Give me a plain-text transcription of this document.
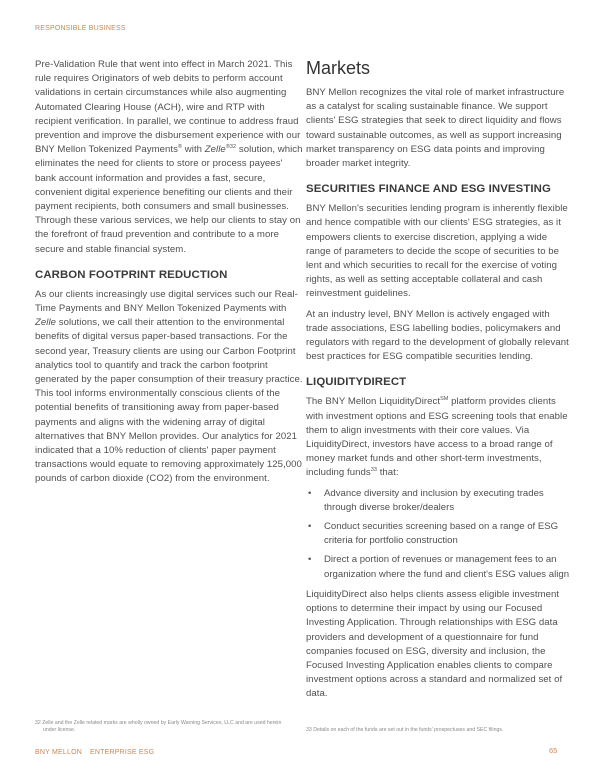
RESPONSIBLE BUSINESS

Pre-Validation Rule that went into effect in March 2021. This rule requires Originators of web debits to perform account validations in certain circumstances while also augmenting Automated Clearing House (ACH), wire and RTP with recipient verification. In parallel, we continue to address fraud prevention and improve the disbursement experience with our BNY Mellon Tokenized Payments® with Zelle$^{®32}$ solution, which eliminates the need for clients to store or process payees' bank account information and provides a fast, secure, convenient digital experience benefiting our clients and their payment recipients, both consumers and small businesses. Through these various services, we help our clients to stay on the forefront of fraud prevention and contribute to a more secure and stable financial system.

CARBON FOOTPRINT REDUCTION

As our clients increasingly use digital services such our Real-Time Payments and BNY Mellon Tokenized Payments with Zelle solutions, we call their attention to the environmental benefits of digital versus paper-based transactions. For the second year, Treasury clients are using our Carbon Footprint analytics tool to quantify and track the carbon footprint generated by the paper consumption of their treasury practice. This tool informs environmentally conscious clients of the potential benefits of transitioning away from paper-based payments and aligns with the widening array of digital alternatives that BNY Mellon provides. Our analytics for 2021 indicated that a 10% reduction of clients' paper payment transactions would equate to removing approximately 125,000 pounds of carbon dioxide (CO2) from the environment.

Markets

BNY Mellon recognizes the vital role of market infrastructure as a catalyst for scaling sustainable finance. We support clients' ESG strategies that seek to direct liquidity and flows toward sustainable outcomes, as well as support increasing market transparency on ESG data points and improving broader market integrity.

SECURITIES FINANCE AND ESG INVESTING

BNY Mellon's securities lending program is inherently flexible and hence compatible with our clients' ESG strategies, as it empowers clients to exercise discretion, applying a wide range of parameters to decide the scope of securities to be lent and which securities to recall for the exercise of voting rights, as well as setting acceptable collateral and cash reinvestment guidelines.

At an industry level, BNY Mellon is actively engaged with trade associations, ESG labelling bodies, policymakers and regulators with regard to the development of globally relevant best practices for ESG compatible securities lending.

LIQUIDITYDIRECT

The BNY Mellon LiquidityDirect℠ platform provides clients with investment options and ESG screening tools that enable them to align investments with their core values. Via LiquidityDirect, investors have access to a broad range of money market funds and other short-term investments, including funds$^{33}$ that:

• Advance diversity and inclusion by executing trades through diverse broker/dealers
• Conduct securities screening based on a range of ESG criteria for portfolio construction
• Direct a portion of revenues or management fees to an organization where the fund and client's ESG values align

LiquidityDirect also helps clients assess eligible investment options to determine their impact by using our Focused Investing Application. Through relationships with ESG data providers and development of a questionnaire for fund companies focused on ESG, diversity and inclusion, the Focused Investing Application enables clients to compare investment options across a standard and normalized set of data.

32 Zelle and the Zelle related marks are wholly owned by Early Warning Services, LLC and are used herein under license.	33 Details on each of the funds are set out in the funds' prospectuses and SEC filings.
BNY MELLON ENTERPRISE ESG	65
